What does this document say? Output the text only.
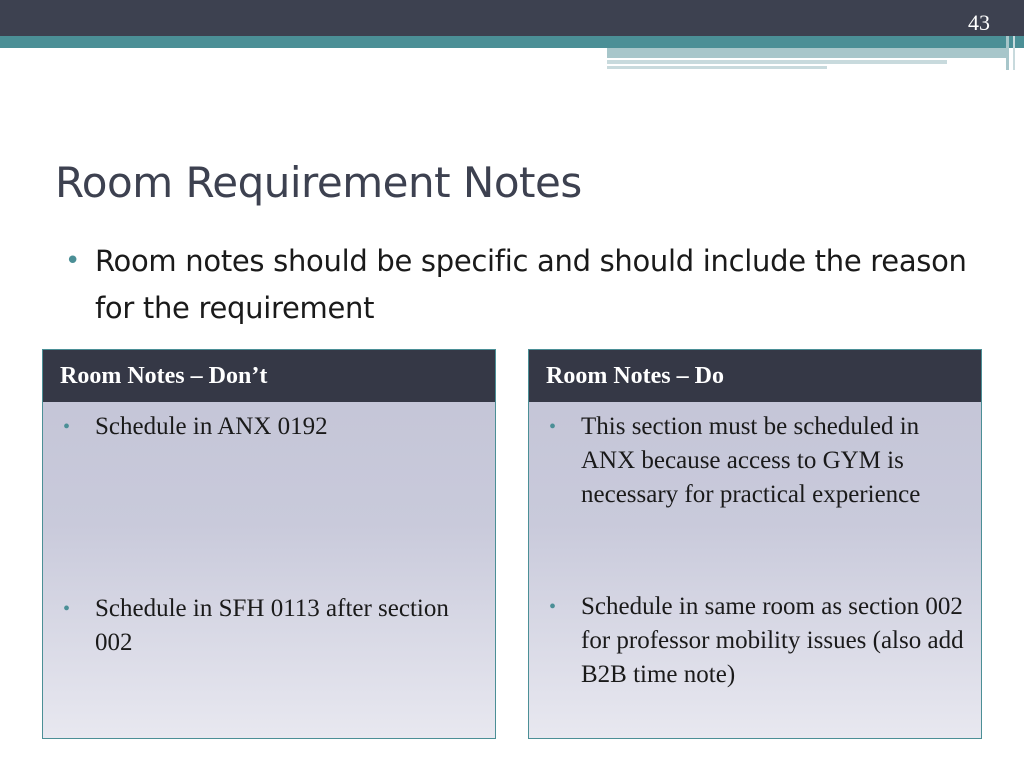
43
Room Requirement Notes
• Room notes should be specific and should include the reason for the requirement
Room Notes – Don’t
• Schedule in ANX 0192
• Schedule in SFH 0113 after section 002
Room Notes – Do
• This section must be scheduled in ANX because access to GYM is necessary for practical experience
• Schedule in same room as section 002 for professor mobility issues (also add B2B time note)
